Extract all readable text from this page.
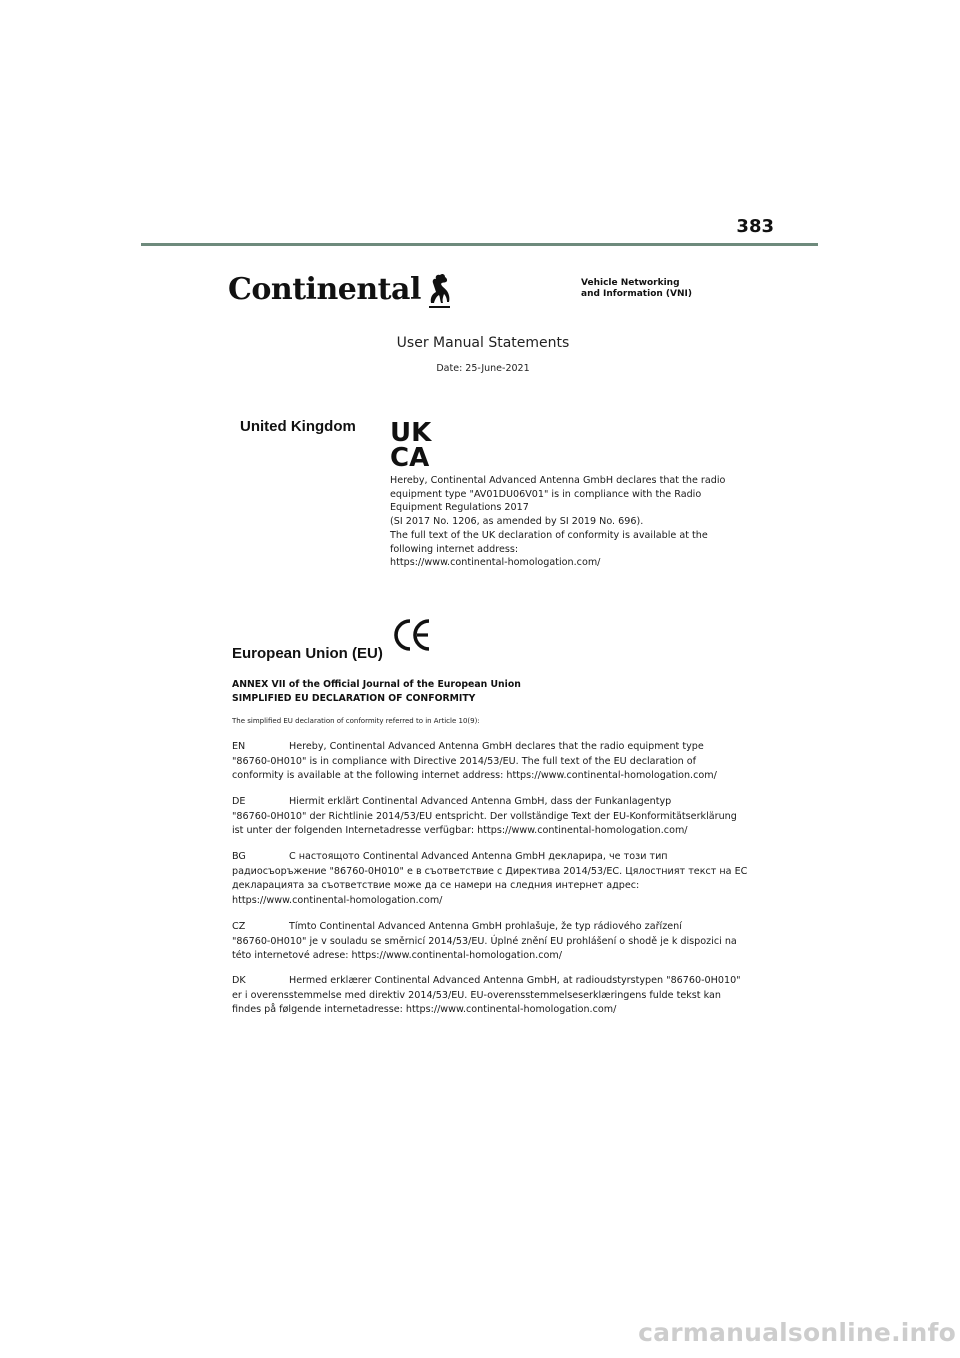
383
Continental	Vehicle Networking
and Information (VNI)
User Manual Statements
Date: 25-June-2021
United Kingdom UK
CA
Hereby, Continental Advanced Antenna GmbH declares that the radio
equipment type "AV01DU06V01" is in compliance with the Radio
Equipment Regulations 2017
(SI 2017 No. 1206, as amended by SI 2019 No. 696).
The full text of the UK declaration of conformity is available at the
following internet address:
https://www.continental-homologation.com/
European Union (EU)
ANNEX VII of the Official Journal of the European Union
SIMPLIFIED EU DECLARATION OF CONFORMITY
The simplified EU declaration of conformity referred to in Article 10(9):
EN	Hereby, Continental Advanced Antenna GmbH declares that the radio equipment type
"86760-0H010" is in compliance with Directive 2014/53/EU. The full text of the EU declaration of
conformity is available at the following internet address: https://www.continental-homologation.com/
DE	Hiermit erklärt Continental Advanced Antenna GmbH, dass der Funkanlagentyp
"86760-0H010" der Richtlinie 2014/53/EU entspricht. Der vollständige Text der EU-Konformitätserklärung
ist unter der folgenden Internetadresse verfügbar: https://www.continental-homologation.com/
BG	С настоящото Continental Advanced Antenna GmbH декларира, че този тип
радиосъоръжение "86760-0H010" е в съответствие с Директива 2014/53/ЕС. Цялостният текст на ЕС
декларацията за съответствие може да се намери на следния интернет адрес:
https://www.continental-homologation.com/
CZ	Tímto Continental Advanced Antenna GmbH prohlašuje, že typ rádiového zařízení
"86760-0H010" je v souladu se směrnicí 2014/53/EU. Úplné znění EU prohlášení o shodě je k dispozici na
této internetové adrese: https://www.continental-homologation.com/
DK	Hermed erklærer Continental Advanced Antenna GmbH, at radioudstyrstypen "86760-0H010"
er i overensstemmelse med direktiv 2014/53/EU. EU-overensstemmelseserklæringens fulde tekst kan
findes på følgende internetadresse: https://www.continental-homologation.com/
carmanualsonline.info
